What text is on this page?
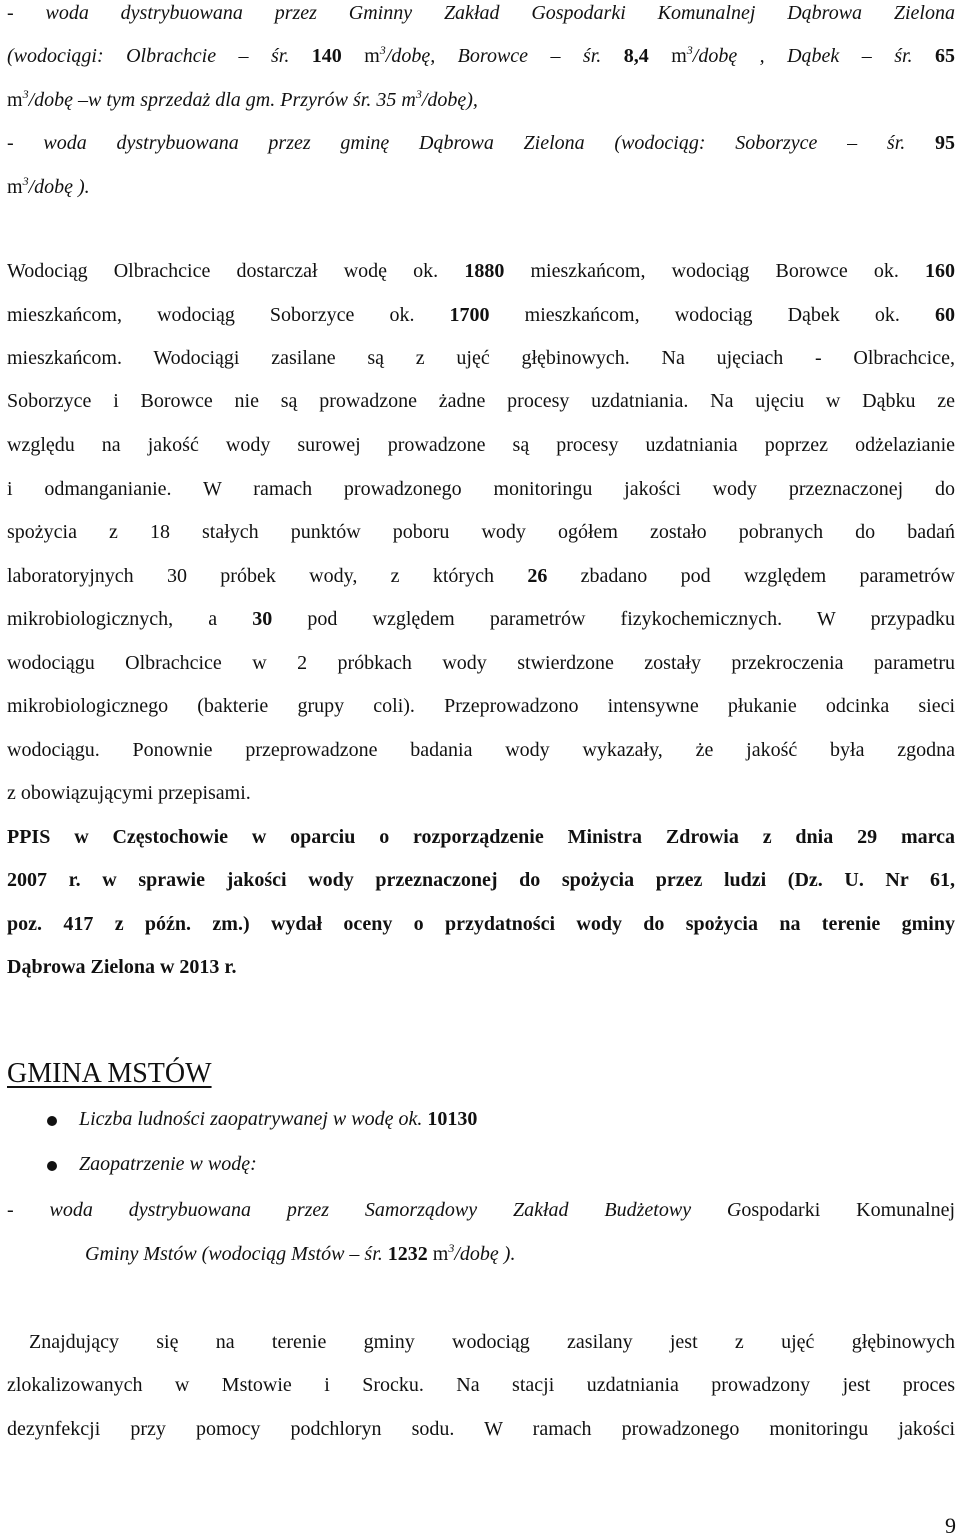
- woda dystrybuowana przez Gminny Zakład Gospodarki Komunalnej Dąbrowa Zielona
(wodociągi: Olbrachcie – śr. 140 $m^3$/dobę, Borowce – śr. 8,4 $m^3$/dobę , Dąbek – śr. 65
$m^3$/dobę –w tym sprzedaż dla gm. Przyrów śr. 35 $m^3/dobę$),
- woda dystrybuowana przez gminę Dąbrowa Zielona (wodociąg: Soborzyce – śr. 95
$m^3$/dobę ).
Wodociąg Olbrachcice dostarczał wodę ok. 1880 mieszkańcom, wodociąg Borowce ok. 160
mieszkańcom, wodociąg Soborzyce ok. 1700 mieszkańcom, wodociąg Dąbek ok. 60
mieszkańcom. Wodociągi zasilane są z ujęć głębinowych. Na ujęciach - Olbrachcice,
Soborzyce i Borowce nie są prowadzone żadne procesy uzdatniania. Na ujęciu w Dąbku ze
względu na jakość wody surowej prowadzone są procesy uzdatniania poprzez odżelazianie
i odmanganianie. W ramach prowadzonego monitoringu jakości wody przeznaczonej do
spożycia z 18 stałych punktów poboru wody ogółem zostało pobranych do badań
laboratoryjnych 30 próbek wody, z których 26 zbadano pod względem parametrów
mikrobiologicznych, a 30 pod względem parametrów fizykochemicznych. W przypadku
wodociągu Olbrachcice w 2 próbkach wody stwierdzone zostały przekroczenia parametru
mikrobiologicznego (bakterie grupy coli). Przeprowadzono intensywne płukanie odcinka sieci
wodociągu. Ponownie przeprowadzone badania wody wykazały, że jakość była zgodna
z obowiązującymi przepisami.
PPIS w Częstochowie w oparciu o rozporządzenie Ministra Zdrowia z dnia 29 marca
2007 r. w sprawie jakości wody przeznaczonej do spożycia przez ludzi (Dz. U. Nr 61,
poz. 417 z późn. zm.) wydał oceny o przydatności wody do spożycia na terenie gminy
Dąbrowa Zielona w 2013 r.
GMINA MSTÓW
Liczba ludności zaopatrywanej w wodę ok. 10130
Zaopatrzenie w wodę:
- woda dystrybuowana przez Samorządowy Zakład Budżetowy Gospodarki Komunalnej
Gminy Mstów (wodociąg Mstów – śr. 1232 $m^3$/dobę ).
Znajdujący się na terenie gminy wodociąg zasilany jest z ujęć głębinowych
zlokalizowanych w Mstowie i Srocku. Na stacji uzdatniania prowadzony jest proces
dezynfekcji przy pomocy podchloryn sodu. W ramach prowadzonego monitoringu jakości
9
